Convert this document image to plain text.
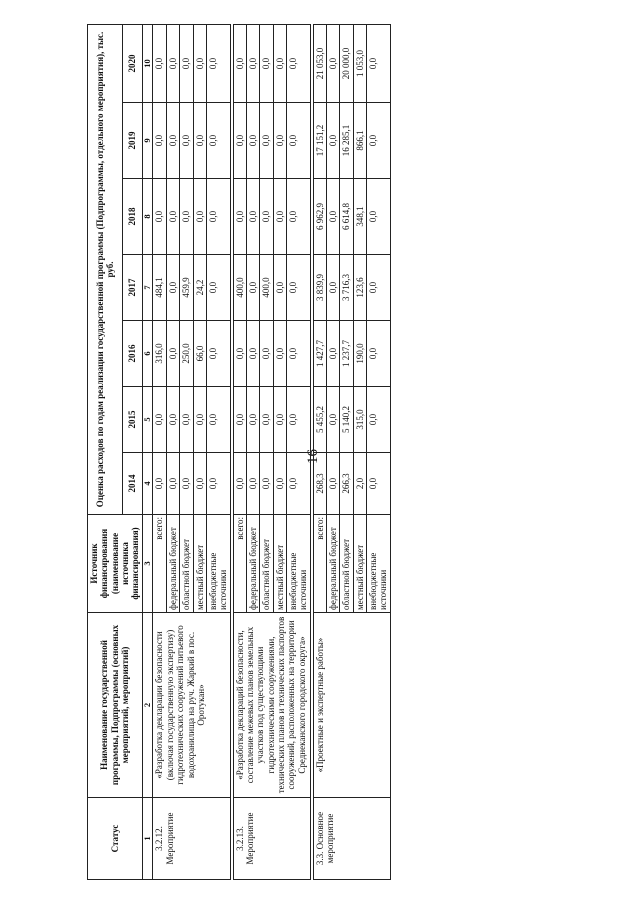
16
Статус	Наименование государственной программы, Подпрограммы (основных мероприятий, мероприятий)	Источник финансирования (наименование источника финансирования)	Оценка расходов по годам реализации государственной программы (Подпрограммы, отдельного мероприятия), тыс. руб.						
			2014	2015	2016	2017	2018	2019	2020
1	2	3	4	5	6	7	8	9	10
3.2.12. Мероприятие	«Разработка декларации безопасности (включая государственную экспертизу) гидротехнических сооружений питьевого водохранилища на руч. Жаркий в пос. Оротукан»	всего:	0,0	0,0	316,0	484,1	0,0	0,0	0,0
		федеральный бюджет	0,0	0,0	0,0	0,0	0,0	0,0	0,0
		областной бюджет	0,0	0,0	250,0	459,9	0,0	0,0	0,0
		местный бюджет	0,0	0,0	66,0	24,2	0,0	0,0	0,0
		внебюджетные источники	0,0	0,0	0,0	0,0	0,0	0,0	0,0

3.2.13. Мероприятие	«Разработка деклараций безопасности, составление межевых планов земельных участков под существующими гидротехническими сооружениями, технических планов и технических паспортов сооружений, расположенных на территории Среднеканского городского округа»	всего:	0,0	0,0	0,0	400,0	0,0	0,0	0,0
		федеральный бюджет	0,0	0,0	0,0	0,0	0,0	0,0	0,0
		областной бюджет	0,0	0,0	0,0	400,0	0,0	0,0	0,0
		местный бюджет	0,0	0,0	0,0	0,0	0,0	0,0	0,0
		внебюджетные источники	0,0	0,0	0,0	0,0	0,0	0,0	0,0

3.3. Основное мероприятие	«Проектные и экспертные работы»	всего:	268,3	5 455,2	1 427,7	3 839,9	6 962,9	17 151,2	21 053,0
		федеральный бюджет	0,0	0,0	0,0	0,0	0,0	0,0	0,0
		областной бюджет	266,3	5 140,2	1 237,7	3 716,3	6 614,8	16 285,1	20 000,0
		местный бюджет	2,0	315,0	190,0	123,6	348,1	866,1	1 053,0
		внебюджетные источники	0,0	0,0	0,0	0,0	0,0	0,0	0,0
